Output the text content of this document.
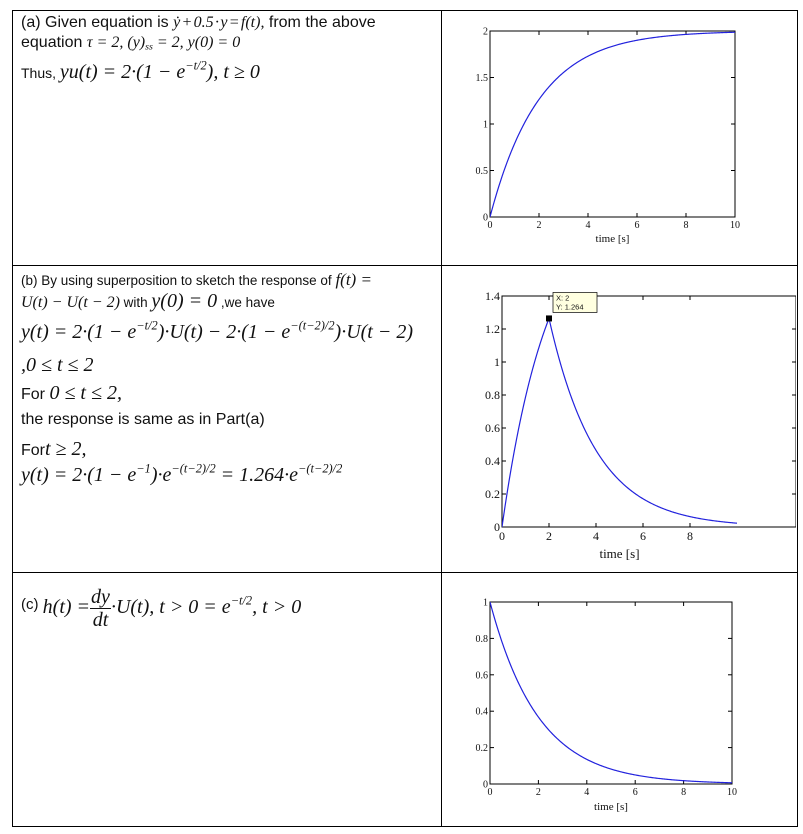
(a) Given equation is ẏ + 0.5 · y = f(t), from the above
equation τ = 2, $(y)_{ss} = 2$, y(0) = 0
Thus, $yu(t) = 2\cdot(1 - e^{-t/2})$, t ≥ 0
0	2	4	6	8	10
0
0.5
1
1.5
2
time [s]
(b) By using superposition to sketch the response of f(t) =
U(t) − U(t − 2) with y(0) = 0 ,we have
$y(t) = 2\cdot(1 - e^{-t/2})\cdot U(t) - 2\cdot(1 - e^{-(t-2)/2})\cdot U(t - 2)$
,0 ≤ t ≤ 2
For 0 ≤ t ≤ 2,
the response is same as in Part(a)
Fort ≥ 2,
$y(t) = 2\cdot(1 - e^{-1})\cdot e^{-(t-2)/2} = 1.264\cdot e^{-(t-2)/2}$
0	2	4	6	8
0
0.2
0.4
0.6
0.8
1
1.2
1.4
time [s]
X: 2
Y: 1.264
(c) $h(t) = \frac{dy}{dt} \cdot U(t)$, $t > 0 = e^{-t/2}$, t > 0
0	2	4	6	8	10
0
0.2
0.4
0.6
0.8
1
time [s]
